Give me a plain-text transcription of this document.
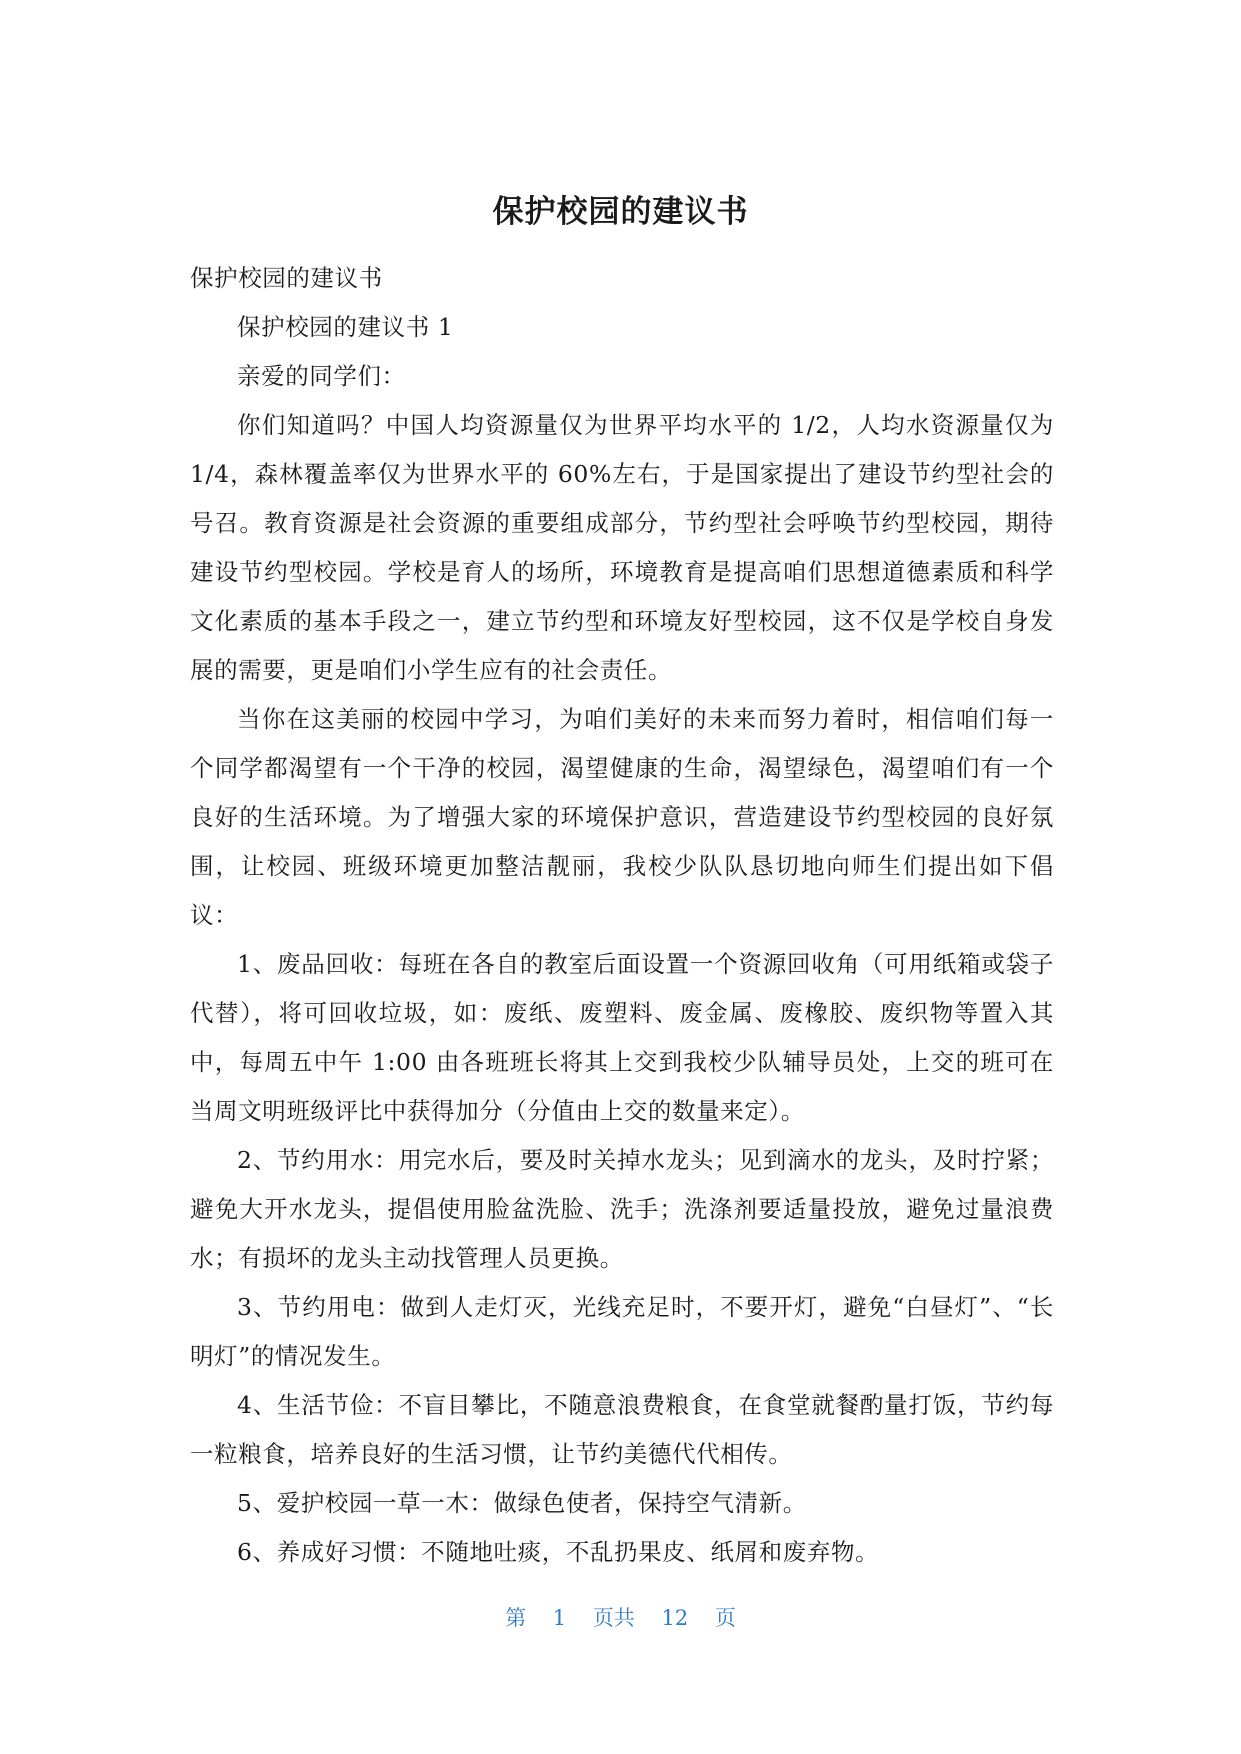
保护校园的建议书

保护校园的建议书

保护校园的建议书 1

亲爱的同学们：

你们知道吗？中国人均资源量仅为世界平均水平的 1/2，人均水资源量仅为 1/4，森林覆盖率仅为世界水平的 60%左右，于是国家提出了建设节约型社会的号召。教育资源是社会资源的重要组成部分，节约型社会呼唤节约型校园，期待建设节约型校园。学校是育人的场所，环境教育是提高咱们思想道德素质和科学文化素质的基本手段之一，建立节约型和环境友好型校园，这不仅是学校自身发展的需要，更是咱们小学生应有的社会责任。

当你在这美丽的校园中学习，为咱们美好的未来而努力着时，相信咱们每一个同学都渴望有一个干净的校园，渴望健康的生命，渴望绿色，渴望咱们有一个良好的生活环境。为了增强大家的环境保护意识，营造建设节约型校园的良好氛围，让校园、班级环境更加整洁靓丽，我校少队队恳切地向师生们提出如下倡议：

1、废品回收：每班在各自的教室后面设置一个资源回收角（可用纸箱或袋子代替），将可回收垃圾，如：废纸、废塑料、废金属、废橡胶、废织物等置入其中，每周五中午 1:00 由各班班长将其上交到我校少队辅导员处，上交的班可在当周文明班级评比中获得加分（分值由上交的数量来定）。

2、节约用水：用完水后，要及时关掉水龙头；见到滴水的龙头，及时拧紧；避免大开水龙头，提倡使用脸盆洗脸、洗手；洗涤剂要适量投放，避免过量浪费水；有损坏的龙头主动找管理人员更换。

3、节约用电：做到人走灯灭，光线充足时，不要开灯，避免“白昼灯”、“长明灯”的情况发生。

4、生活节俭：不盲目攀比，不随意浪费粮食，在食堂就餐酌量打饭，节约每一粒粮食，培养良好的生活习惯，让节约美德代代相传。

5、爱护校园一草一木：做绿色使者，保持空气清新。

6、养成好习惯：不随地吐痰，不乱扔果皮、纸屑和废弃物。

第 1 页共 12 页
